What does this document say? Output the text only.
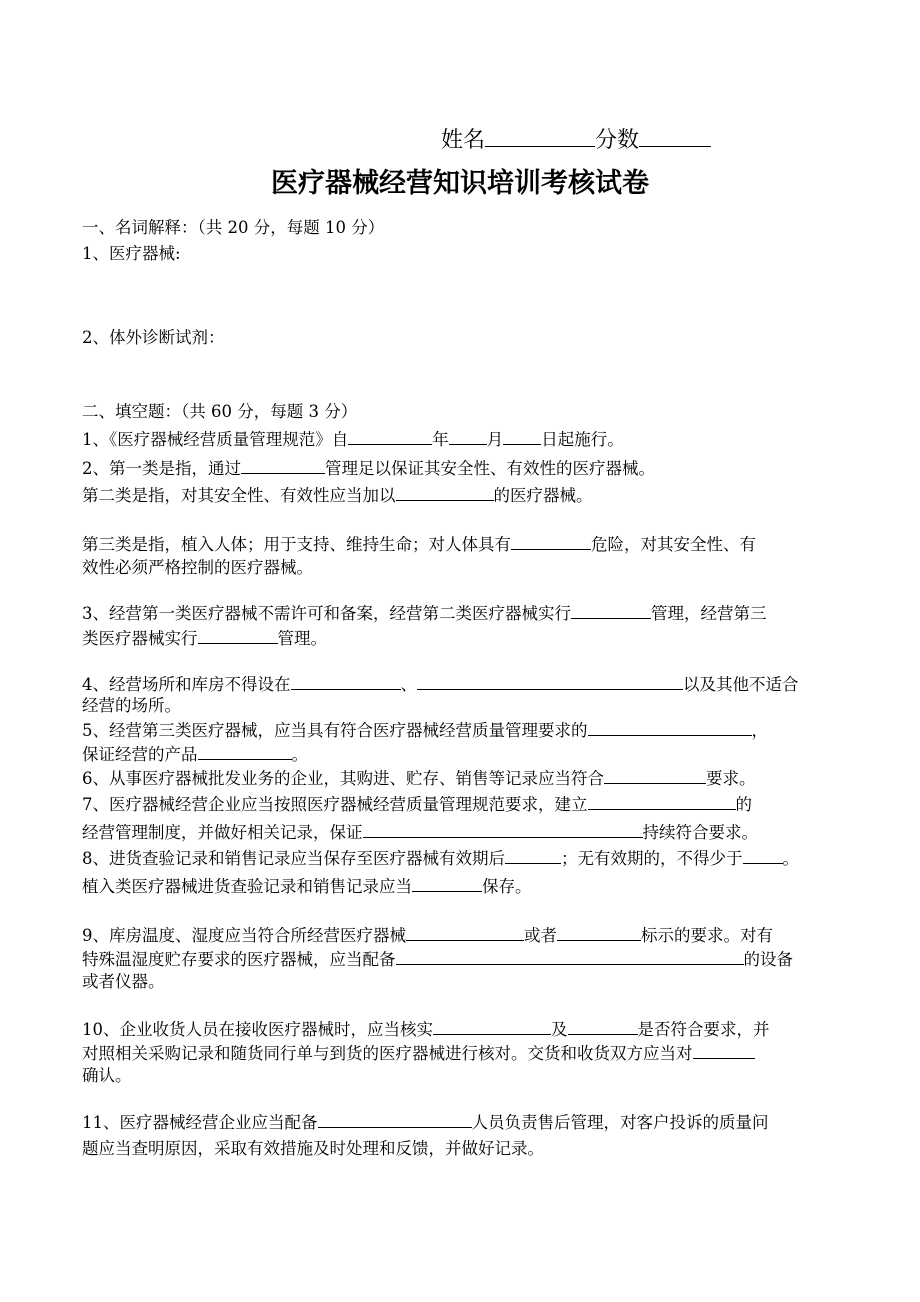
姓名	分数
医疗器械经营知识培训考核试卷
一、名词解释：（共 20 分，每题 10 分）
1、医疗器械:
2、体外诊断试剂：
二、填空题：（共 60 分，每题 3 分）
1、《医疗器械经营质量管理规范》自	年 月 日起施行。
2、第一类是指，通过	管理足以保证其安全性、有效性的医疗器械。
第二类是指，对其安全性、有效性应当加以	的医疗器械。
第三类是指，植入人体；用于支持、维持生命；对人体具有	危险，对其安全性、有
效性必须严格控制的医疗器械。
3、经营第一类医疗器械不需许可和备案，经营第二类医疗器械实行	管理，经营第三
类医疗器械实行	管理。
4、经营场所和库房不得设在	、	以及其他不适合
经营的场所。
5、经营第三类医疗器械，应当具有符合医疗器械经营质量管理要求的	，
保证经营的产品	。
6、从事医疗器械批发业务的企业，其购进、贮存、销售等记录应当符合	要求。
7、医疗器械经营企业应当按照医疗器械经营质量管理规范要求，建立	的
经营管理制度，并做好相关记录，保证	持续符合要求。
8、进货查验记录和销售记录应当保存至医疗器械有效期后	；无有效期的，不得少于 。
植入类医疗器械进货查验记录和销售记录应当	保存。
9、库房温度、湿度应当符合所经营医疗器械	或者	标示的要求。对有
特殊温湿度贮存要求的医疗器械，应当配备	的设备
或者仪器。
10、企业收货人员在接收医疗器械时，应当核实	及	是否符合要求，并
对照相关采购记录和随货同行单与到货的医疗器械进行核对。交货和收货双方应当对
确认。
11、医疗器械经营企业应当配备	人员负责售后管理，对客户投诉的质量问
题应当查明原因，采取有效措施及时处理和反馈，并做好记录。
